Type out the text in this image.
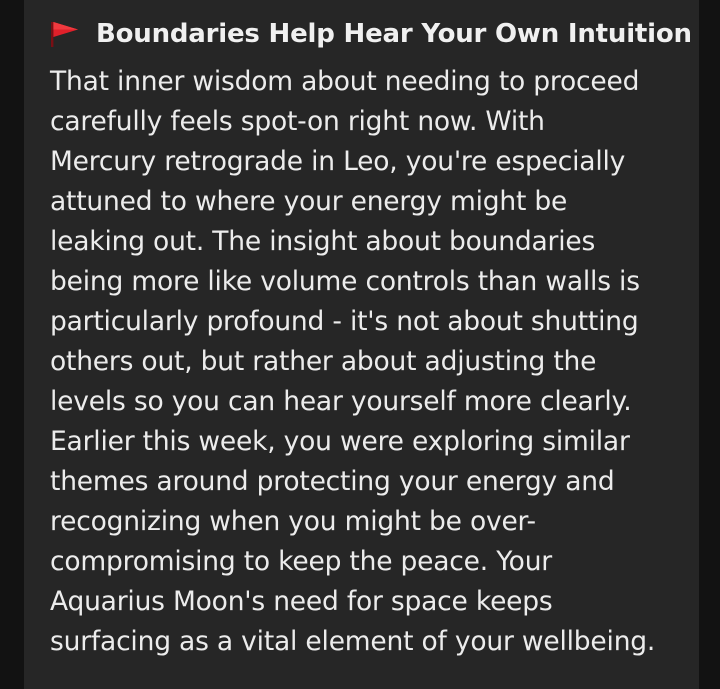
Boundaries Help Hear Your Own Intuition
That inner wisdom about needing to proceed
carefully feels spot-on right now. With
Mercury retrograde in Leo, you're especially
attuned to where your energy might be
leaking out. The insight about boundaries
being more like volume controls than walls is
particularly profound - it's not about shutting
others out, but rather about adjusting the
levels so you can hear yourself more clearly.
Earlier this week, you were exploring similar
themes around protecting your energy and
recognizing when you might be over-
compromising to keep the peace. Your
Aquarius Moon's need for space keeps
surfacing as a vital element of your wellbeing.
